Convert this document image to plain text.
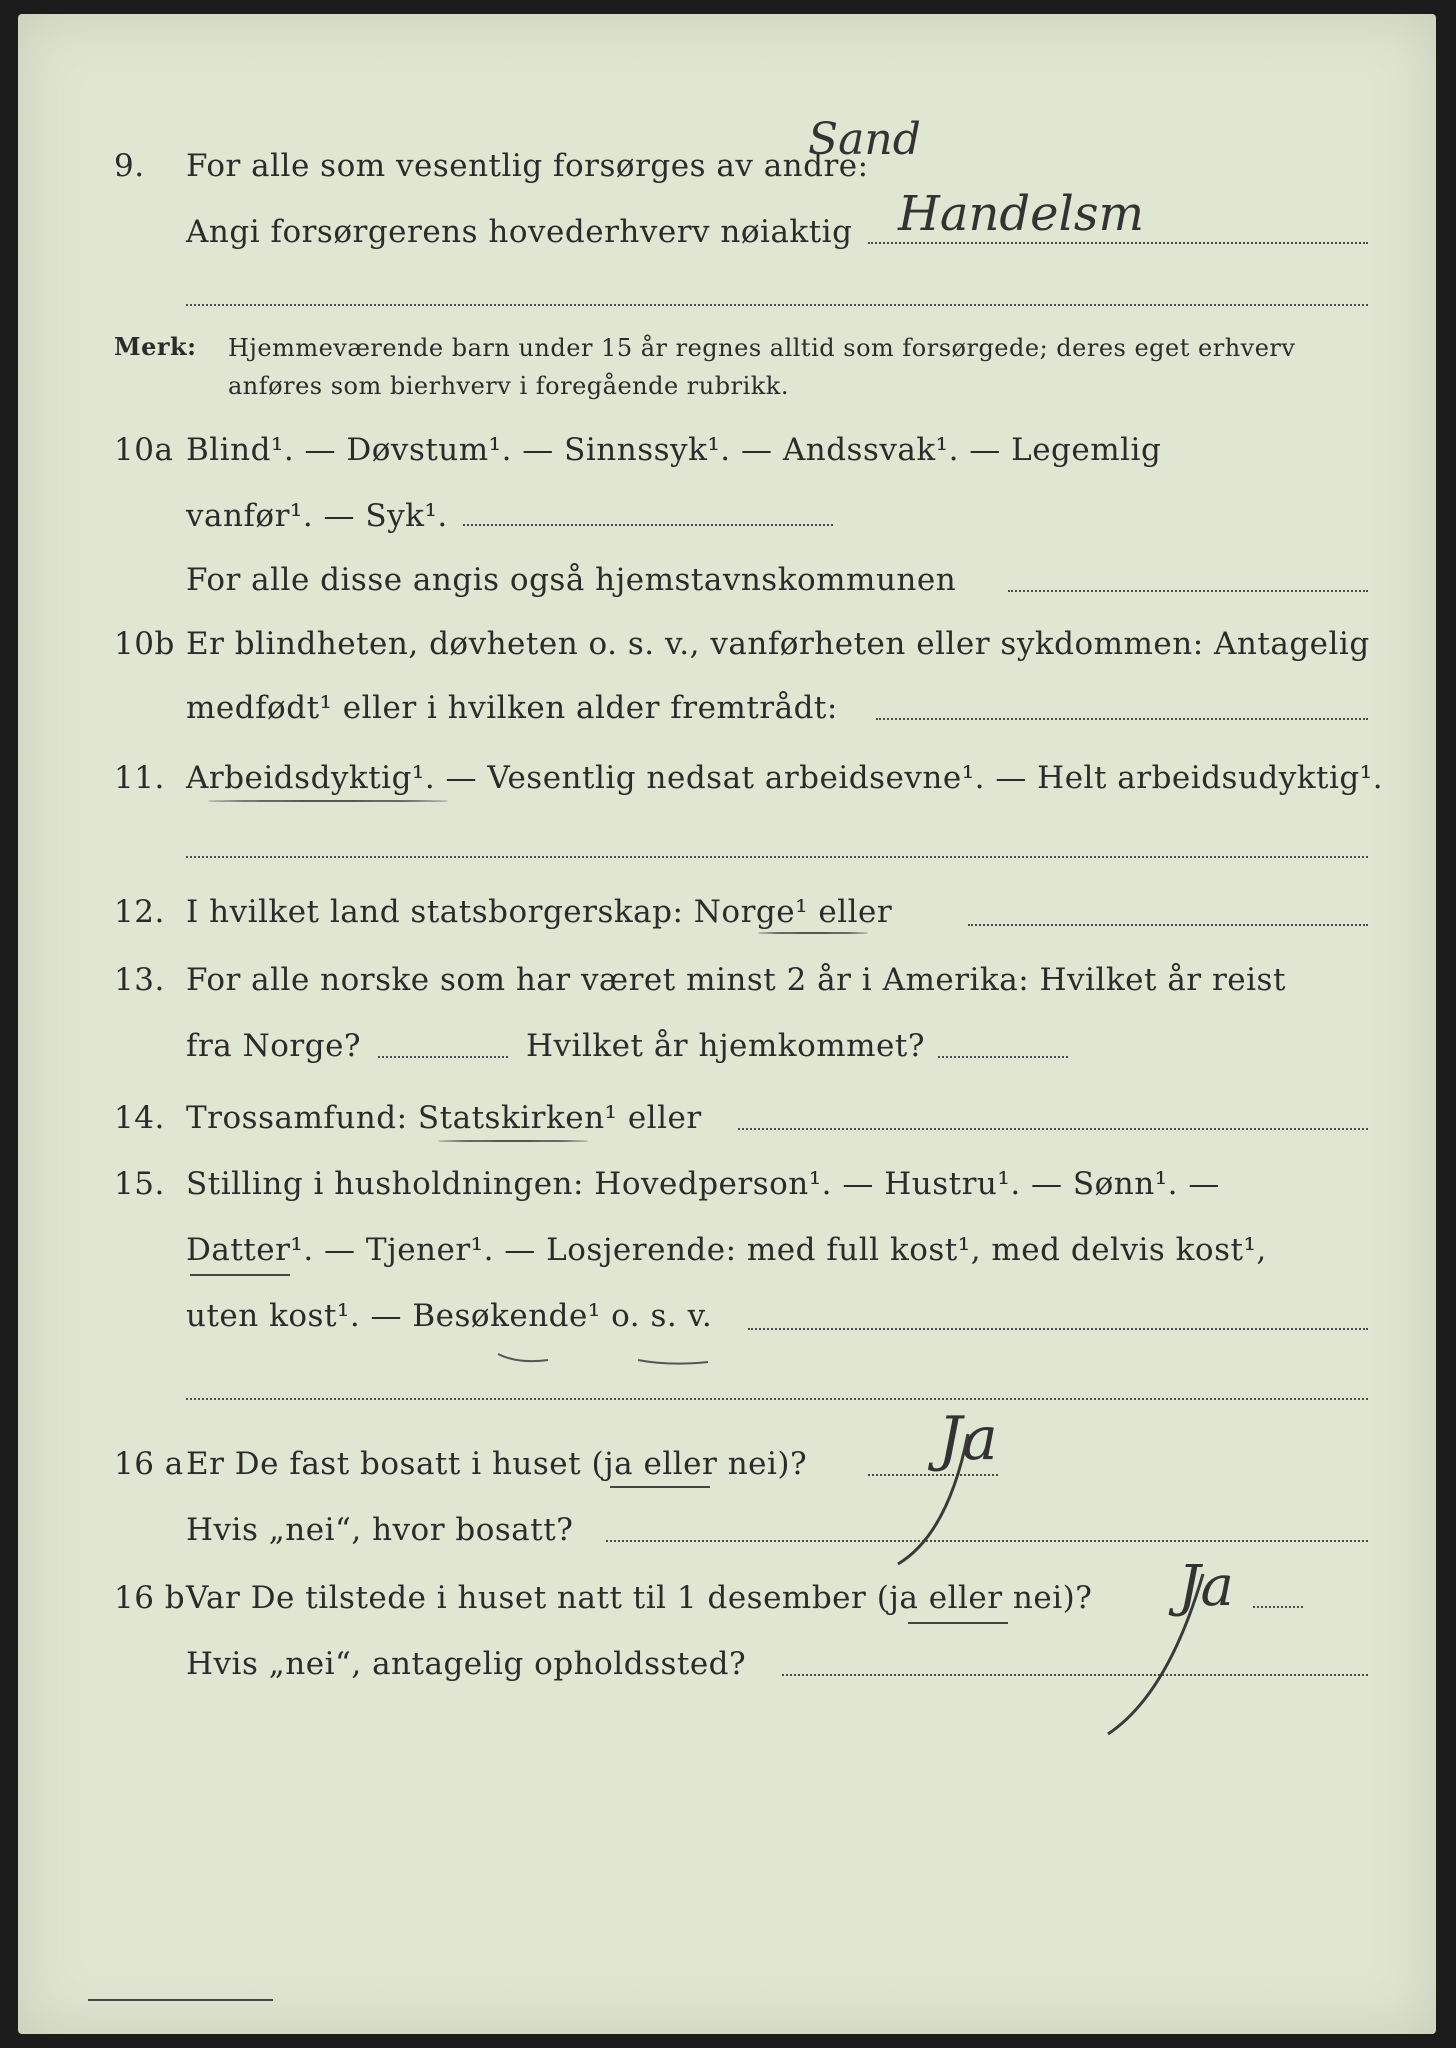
9. For alle som vesentlig forsørges av andre:
Sand
Angi forsørgerens hovederhverv nøiaktig Handelsm
Merk: Hjemmeværende barn under 15 år regnes alltid som forsørgede; deres eget erhverv
anføres som bierhverv i foregående rubrikk.
10a Blind¹. — Døvstum¹. — Sinnssyk¹. — Andssvak¹. — Legemlig
vanfør¹. — Syk¹.
For alle disse angis også hjemstavnskommunen
10b Er blindheten, døvheten o. s. v., vanførheten eller sykdommen: Antagelig
medfødt¹ eller i hvilken alder fremtrådt:
11. Arbeidsdyktig¹. — Vesentlig nedsat arbeidsevne¹. — Helt arbeidsudyktig¹.
12. I hvilket land statsborgerskap: Norge¹ eller
13. For alle norske som har været minst 2 år i Amerika: Hvilket år reist
fra Norge?	Hvilket år hjemkommet?
14. Trossamfund: Statskirken¹ eller
15. Stilling i husholdningen: Hovedperson¹. — Hustru¹. — Sønn¹. —
Datter¹. — Tjener¹. — Losjerende: med full kost¹, med delvis kost¹,
uten kost¹. — Besøkende¹ o. s. v.
16 a Er De fast bosatt i huset (ja eller nei)? Ja
Hvis „nei“, hvor bosatt?
16 b Var De tilstede i huset natt til 1 desember (ja eller nei)? Ja
Hvis „nei“, antagelig opholdssted?
